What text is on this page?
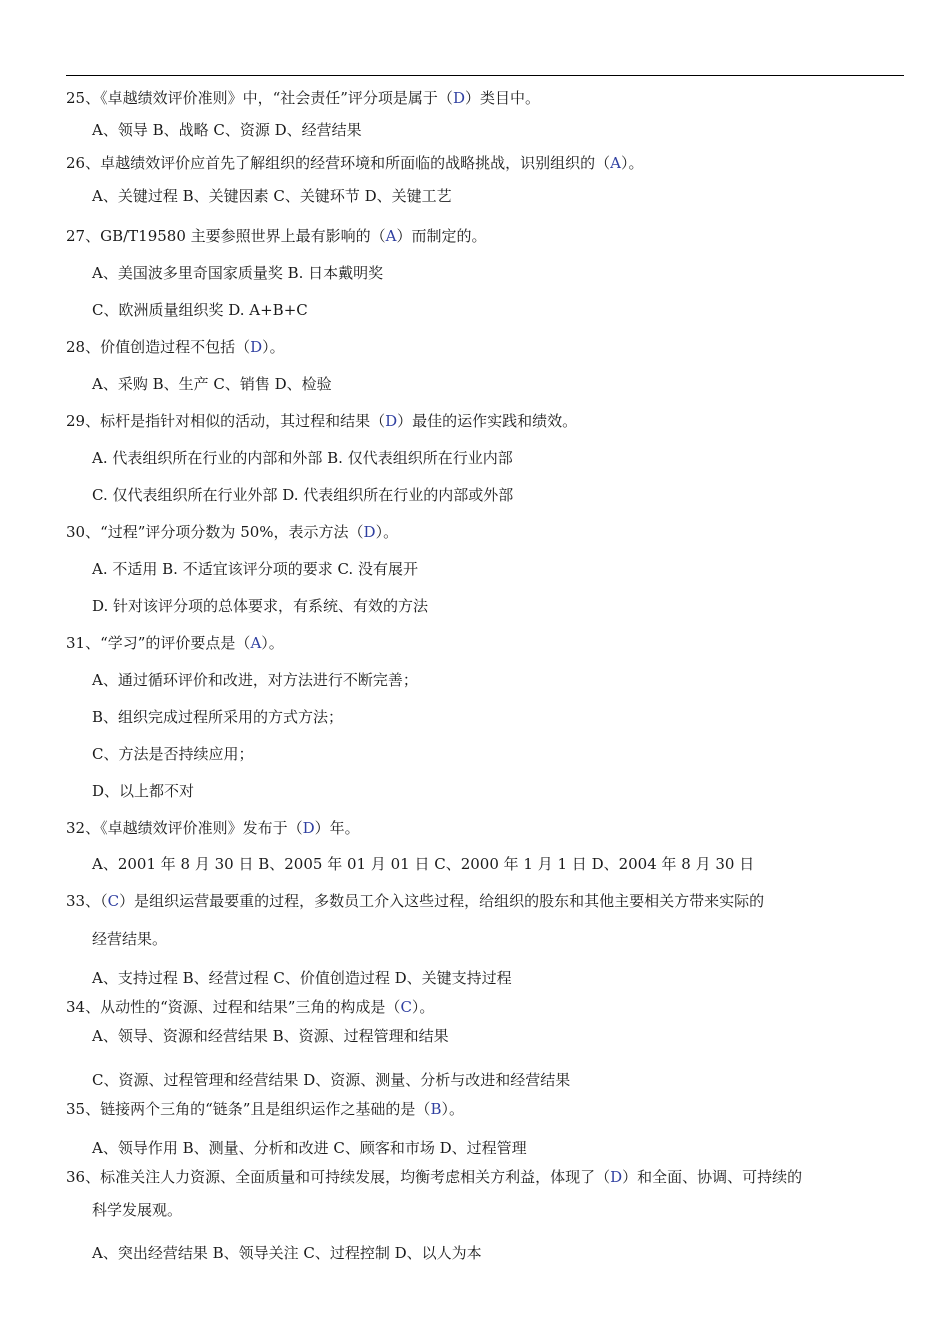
25、《卓越绩效评价准则》中，“社会责任”评分项是属于（D）类目中。
A、领导 B、战略 C、资源 D、经营结果
26、卓越绩效评价应首先了解组织的经营环境和所面临的战略挑战，识别组织的（A）。
A、关键过程 B、关键因素 C、关键环节 D、关键工艺
27、GB/T19580 主要参照世界上最有影响的（A）而制定的。
A、美国波多里奇国家质量奖 B. 日本戴明奖
C、欧洲质量组织奖 D. A+B+C
28、价值创造过程不包括（D）。
A、采购 B、生产 C、销售 D、检验
29、标杆是指针对相似的活动，其过程和结果（D）最佳的运作实践和绩效。
A. 代表组织所在行业的内部和外部 B. 仅代表组织所在行业内部
C. 仅代表组织所在行业外部 D. 代表组织所在行业的内部或外部
30、“过程”评分项分数为 50%，表示方法（D）。
A. 不适用 B. 不适宜该评分项的要求 C. 没有展开
D. 针对该评分项的总体要求，有系统、有效的方法
31、“学习”的评价要点是（A）。
A、通过循环评价和改进，对方法进行不断完善；
B、组织完成过程所采用的方式方法；
C、方法是否持续应用；
D、以上都不对
32、《卓越绩效评价准则》发布于（D）年。
A、2001 年 8 月 30 日 B、2005 年 01 月 01 日 C、2000 年 1 月 1 日 D、2004 年 8 月 30 日
33、（C）是组织运营最要重的过程，多数员工介入这些过程，给组织的股东和其他主要相关方带来实际的
经营结果。
A、支持过程 B、经营过程 C、价值创造过程 D、关键支持过程
34、从动性的“资源、过程和结果”三角的构成是（C）。
A、领导、资源和经营结果 B、资源、过程管理和结果
C、资源、过程管理和经营结果 D、资源、测量、分析与改进和经营结果
35、链接两个三角的“链条”且是组织运作之基础的是（B）。
A、领导作用 B、测量、分析和改进 C、顾客和市场 D、过程管理
36、标准关注人力资源、全面质量和可持续发展，均衡考虑相关方利益，体现了（D）和全面、协调、可持续的
科学发展观。
A、突出经营结果 B、领导关注 C、过程控制 D、以人为本
